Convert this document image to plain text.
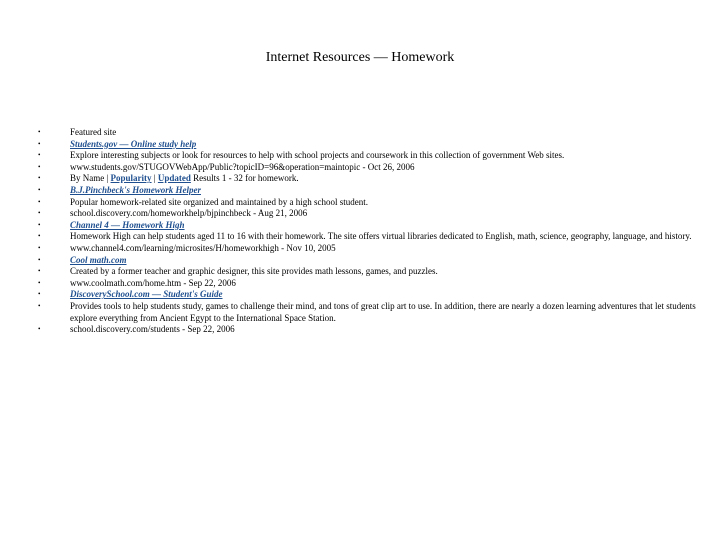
Internet Resources — Homework
•	Featured site
•	Students.gov — Online study help
•	Explore interesting subjects or look for resources to help with school projects and coursework in this collection of government Web sites.
•	www.students.gov/STUGOVWebApp/Public?topicID=96&operation=maintopic - Oct 26, 2006
•	By Name | Popularity | Updated Results 1 - 32 for homework.
•	B.J.Pinchbeck's Homework Helper
•	Popular homework-related site organized and maintained by a high school student.
•	school.discovery.com/homeworkhelp/bjpinchbeck - Aug 21, 2006
•	Channel 4 — Homework High
•	Homework High can help students aged 11 to 16 with their homework. The site offers virtual libraries dedicated to English, math, science, geography, language, and history.
•	www.channel4.com/learning/microsites/H/homeworkhigh - Nov 10, 2005
•	Cool math.com
•	Created by a former teacher and graphic designer, this site provides math lessons, games, and puzzles.
•	www.coolmath.com/home.htm - Sep 22, 2006
•	DiscoverySchool.com — Student's Guide
•	Provides tools to help students study, games to challenge their mind, and tons of great clip art to use. In addition, there are nearly a dozen learning adventures that let students explore everything from Ancient Egypt to the International Space Station.
•	school.discovery.com/students - Sep 22, 2006
